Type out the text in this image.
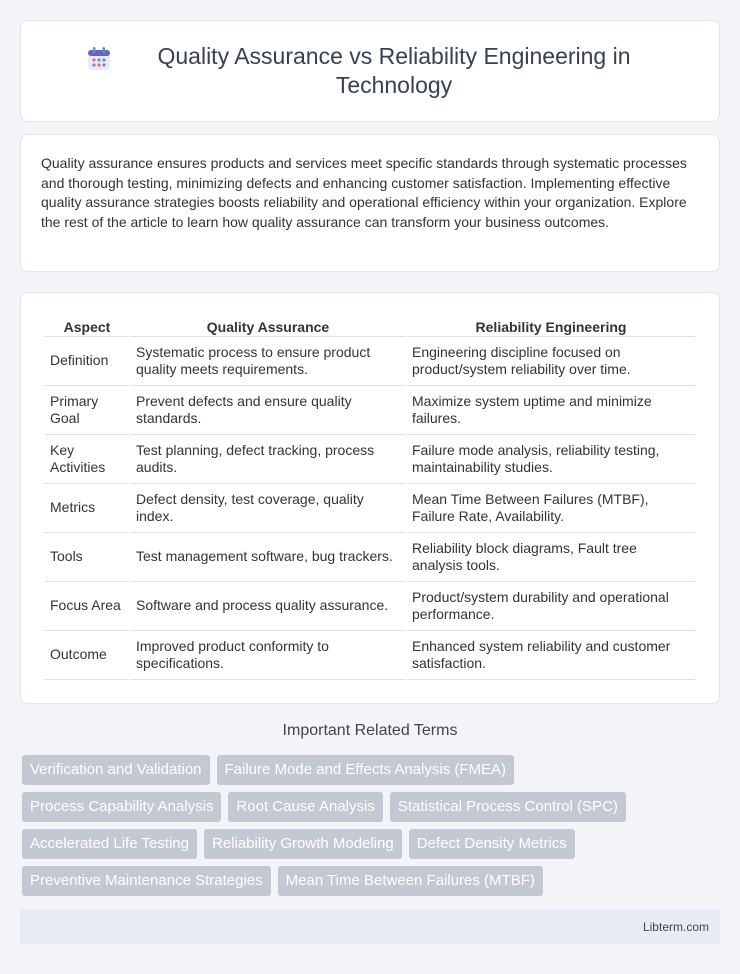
Quality Assurance vs Reliability Engineering in Technology

Quality assurance ensures products and services meet specific standards through systematic processes and thorough testing, minimizing defects and enhancing customer satisfaction. Implementing effective quality assurance strategies boosts reliability and operational efficiency within your organization. Explore the rest of the article to learn how quality assurance can transform your business outcomes.

Aspect	Quality Assurance	Reliability Engineering
Definition	Systematic process to ensure product quality meets requirements.	Engineering discipline focused on product/system reliability over time.
Primary Goal	Prevent defects and ensure quality standards.	Maximize system uptime and minimize failures.
Key Activities	Test planning, defect tracking, process audits.	Failure mode analysis, reliability testing, maintainability studies.
Metrics	Defect density, test coverage, quality index.	Mean Time Between Failures (MTBF), Failure Rate, Availability.
Tools	Test management software, bug trackers.	Reliability block diagrams, Fault tree analysis tools.
Focus Area	Software and process quality assurance.	Product/system durability and operational performance.
Outcome	Improved product conformity to specifications.	Enhanced system reliability and customer satisfaction.
Important Related Terms
Verification and Validation	Failure Mode and Effects Analysis (FMEA)
Process Capability Analysis	Root Cause Analysis	Statistical Process Control (SPC)
Accelerated Life Testing	Reliability Growth Modeling	Defect Density Metrics
Preventive Maintenance Strategies	Mean Time Between Failures (MTBF)
Libterm.com
